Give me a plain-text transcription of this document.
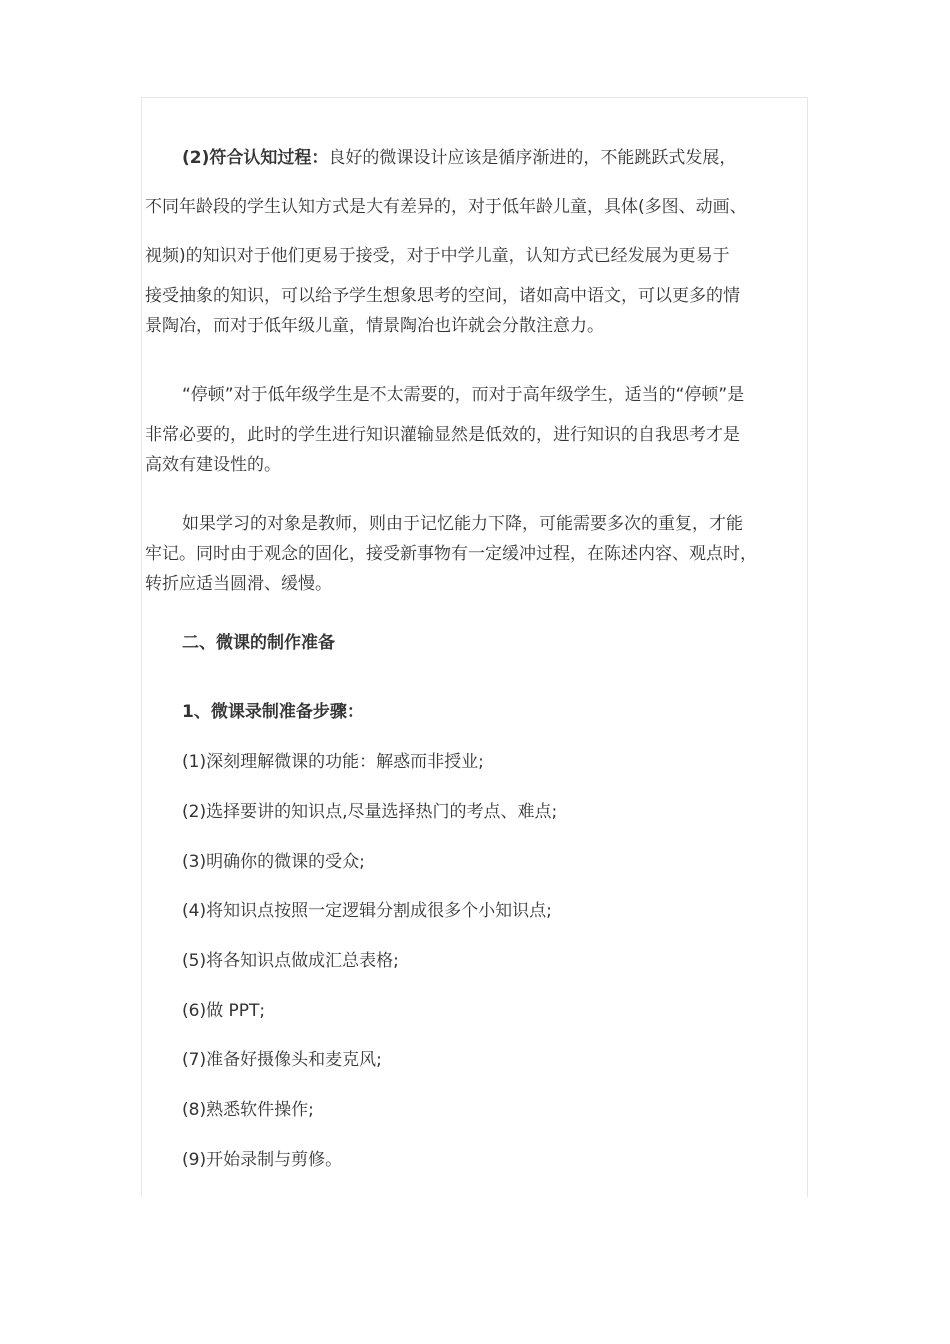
(2)符合认知过程：良好的微课设计应该是循序渐进的，不能跳跃式发展，
不同年龄段的学生认知方式是大有差异的，对于低年龄儿童，具体(多图、动画、
视频)的知识对于他们更易于接受，对于中学儿童，认知方式已经发展为更易于
接受抽象的知识，可以给予学生想象思考的空间，诸如高中语文，可以更多的情
景陶冶，而对于低年级儿童，情景陶冶也许就会分散注意力。
“停顿”对于低年级学生是不太需要的，而对于高年级学生，适当的“停顿”是
非常必要的，此时的学生进行知识灌输显然是低效的，进行知识的自我思考才是
高效有建设性的。
如果学习的对象是教师，则由于记忆能力下降，可能需要多次的重复，才能
牢记。同时由于观念的固化，接受新事物有一定缓冲过程，在陈述内容、观点时，
转折应适当圆滑、缓慢。
二、微课的制作准备
1、微课录制准备步骤：
(1)深刻理解微课的功能：解惑而非授业;
(2)选择要讲的知识点,尽量选择热门的考点、难点;
(3)明确你的微课的受众;
(4)将知识点按照一定逻辑分割成很多个小知识点;
(5)将各知识点做成汇总表格;
(6)做 PPT;
(7)准备好摄像头和麦克风;
(8)熟悉软件操作;
(9)开始录制与剪修。
